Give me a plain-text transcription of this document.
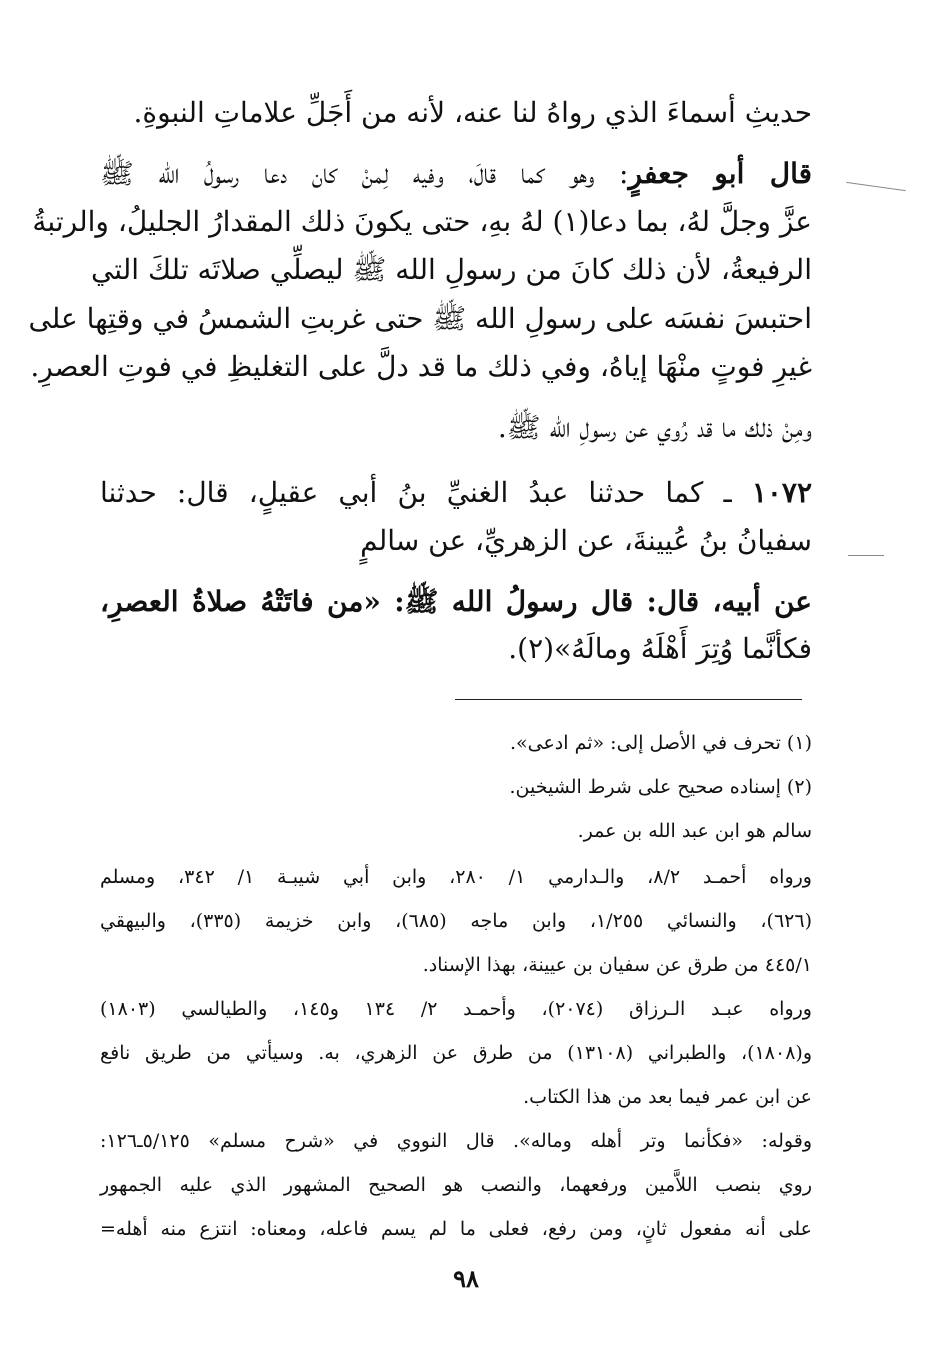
حديثِ أسماءَ الذي رواهُ لنا عنه، لأنه من أَجَلِّ علاماتِ النبوةِ.
قال أبو جعفرٍ: وهو كما قالَ، وفيه لِمنْ كان دعا رسولُ الله ﷺ
عزَّ وجلَّ لهُ، بما دعا(١) لهُ بهِ، حتى يكونَ ذلك المقدارُ الجليلُ، والرتبةُ
الرفيعةُ، لأن ذلك كانَ من رسولِ الله ﷺ ليصلِّي صلاتَه تلكَ التي
احتبسَ نفسَه على رسولِ الله ﷺ حتى غربتِ الشمسُ في وقتِها على
غيرِ فوتٍ منْهَا إياهُ، وفي ذلك ما قد دلَّ على التغليظِ في فوتِ العصرِ.
ومِنْ ذلك ما قد رُوي عن رسولِ الله ﷺ.
١٠٧٢ ـ كما حدثنا عبدُ الغنيِّ بنُ أبي عقيلٍ، قال: حدثنا
سفيانُ بنُ عُيينةَ، عن الزهريِّ، عن سالمٍ
عن أبيه، قال: قال رسولُ الله ﷺ: «من فاتَتْهُ صلاةُ العصرِ،
فكأنَّما وُتِرَ أَهْلَهُ ومالَهُ»(٢).
(١) تحرف في الأصل إلى: «ثم ادعى».
(٢) إسناده صحيح على شرط الشيخين.
سالم هو ابن عبد الله بن عمر.
ورواه أحمـد ٨/٢، والـدارمي ١/ ٢٨٠، وابن أبي شيبـة ١/ ٣٤٢، ومسلم
(٦٢٦)، والنسائي ١/٢٥٥، وابن ماجه (٦٨٥)، وابن خزيمة (٣٣٥)، والبيهقي
٤٤٥/١ من طرق عن سفيان بن عيينة، بهذا الإسناد.
ورواه عبـد الـرزاق (٢٠٧٤)، وأحمـد ٢/ ١٣٤ و١٤٥، والطيالسي (١٨٠٣)
و(١٨٠٨)، والطبراني (١٣١٠٨) من طرق عن الزهري، به. وسيأتي من طريق نافع
عن ابن عمر فيما بعد من هذا الكتاب.
وقوله: «فكأنما وتر أهله وماله». قال النووي في «شرح مسلم» ٥/١٢٥ـ١٢٦:
روي بنصب اللاَّمين ورفعهما، والنصب هو الصحيح المشهور الذي عليه الجمهور
على أنه مفعول ثانٍ، ومن رفع، فعلى ما لم يسم فاعله، ومعناه: انتزع منه أهله=
٩٨
